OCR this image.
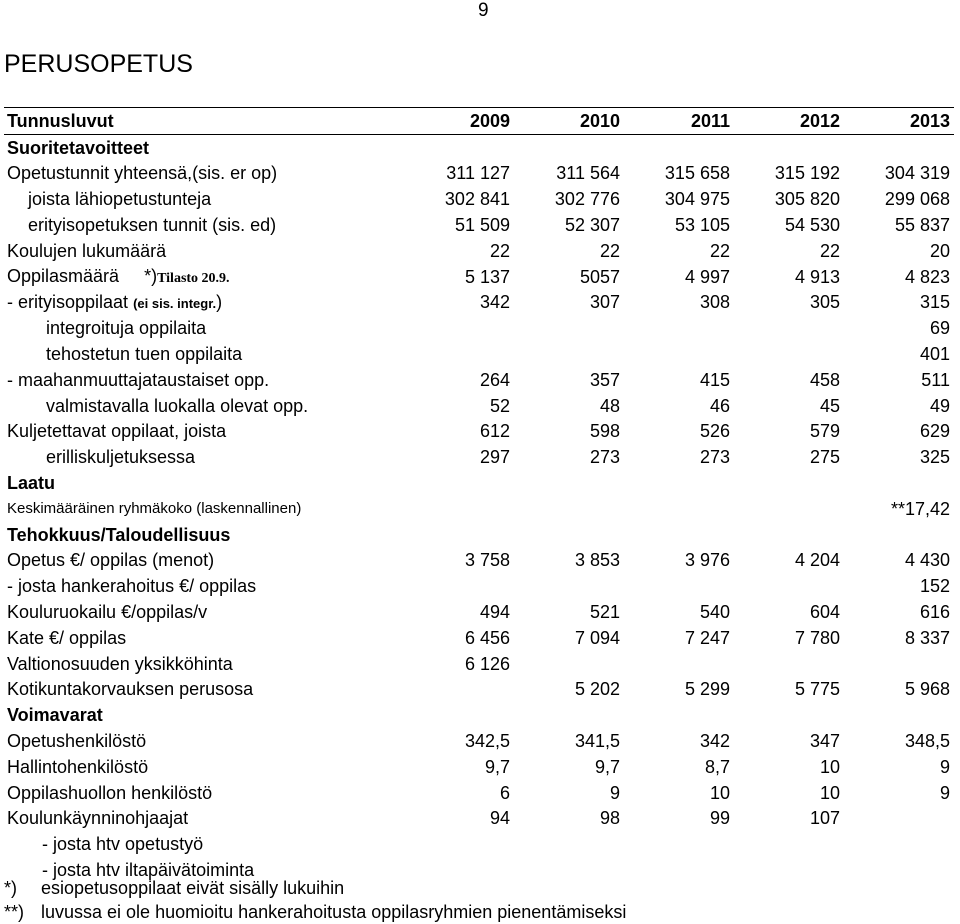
9
PERUSOPETUS
Tunnusluvut	2009	2010	2011	2012	2013
Suoritetavoitteet					
Opetustunnit yhteensä,(sis. er op)	311 127	311 564	315 658	315 192	304 319
joista lähiopetustunteja	302 841	302 776	304 975	305 820	299 068
erityisopetuksen tunnit (sis. ed)	51 509	52 307	53 105	54 530	55 837
Koulujen lukumäärä	22	22	22	22	20
Oppilasmäärä *)Tilasto 20.9.	5 137	5057	4 997	4 913	4 823
- erityisoppilaat (ei sis. integr.)	342	307	308	305	315
integroituja oppilaita					69
tehostetun tuen oppilaita					401
- maahanmuuttajataustaiset opp.	264	357	415	458	511
valmistavalla luokalla olevat opp.	52	48	46	45	49
Kuljetettavat oppilaat, joista	612	598	526	579	629
erilliskuljetuksessa	297	273	273	275	325
Laatu					
Keskimääräinen ryhmäkoko (laskennallinen)					**17,42
Tehokkuus/Taloudellisuus					
Opetus €/ oppilas (menot)	3 758	3 853	3 976	4 204	4 430
- josta hankerahoitus €/ oppilas					152
Kouluruokailu €/oppilas/v	494	521	540	604	616
Kate €/ oppilas	6 456	7 094	7 247	7 780	8 337
Valtionosuuden yksikköhinta	6 126				
Kotikuntakorvauksen perusosa		5 202	5 299	5 775	5 968
Voimavarat					
Opetushenkilöstö	342,5	341,5	342	347	348,5
Hallintohenkilöstö	9,7	9,7	8,7	10	9
Oppilashuollon henkilöstö	6	9	10	10	9
Koulunkäynninohjaajat	94	98	99	107	
- josta htv opetustyö					
- josta htv iltapäivätoiminta					
*) esiopetusoppilaat eivät sisälly lukuihin
**) luvussa ei ole huomioitu hankerahoitusta oppilasryhmien pienentämiseksi
